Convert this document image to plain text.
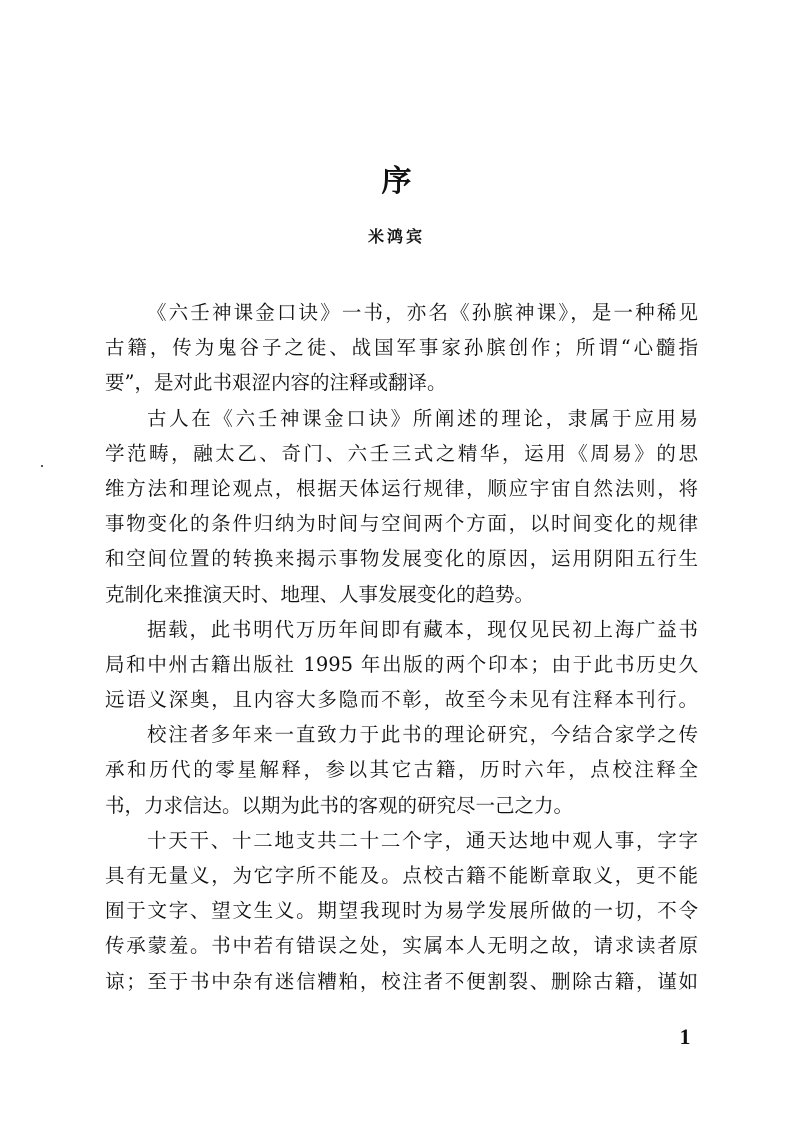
序
米鸿宾
《六壬神课金口诀》一书，亦名《孙膑神课》，是一种稀见
古籍，传为鬼谷子之徒、战国军事家孙膑创作；所谓“心髓指
要”，是对此书艰涩内容的注释或翻译。
古人在《六壬神课金口诀》所阐述的理论，隶属于应用易
学范畴，融太乙、奇门、六壬三式之精华，运用《周易》的思
维方法和理论观点，根据天体运行规律，顺应宇宙自然法则，将
事物变化的条件归纳为时间与空间两个方面，以时间变化的规律
和空间位置的转换来揭示事物发展变化的原因，运用阴阳五行生
克制化来推演天时、地理、人事发展变化的趋势。
据载，此书明代万历年间即有藏本，现仅见民初上海广益书
局和中州古籍出版社 1995 年出版的两个印本；由于此书历史久
远语义深奥，且内容大多隐而不彰，故至今未见有注释本刊行。
校注者多年来一直致力于此书的理论研究，今结合家学之传
承和历代的零星解释，参以其它古籍，历时六年，点校注释全
书，力求信达。以期为此书的客观的研究尽一己之力。
十天干、十二地支共二十二个字，通天达地中观人事，字字
具有无量义，为它字所不能及。点校古籍不能断章取义，更不能
囿于文字、望文生义。期望我现时为易学发展所做的一切，不令
传承蒙羞。书中若有错误之处，实属本人无明之故，请求读者原
谅；至于书中杂有迷信糟粕，校注者不便割裂、删除古籍，谨如
1
